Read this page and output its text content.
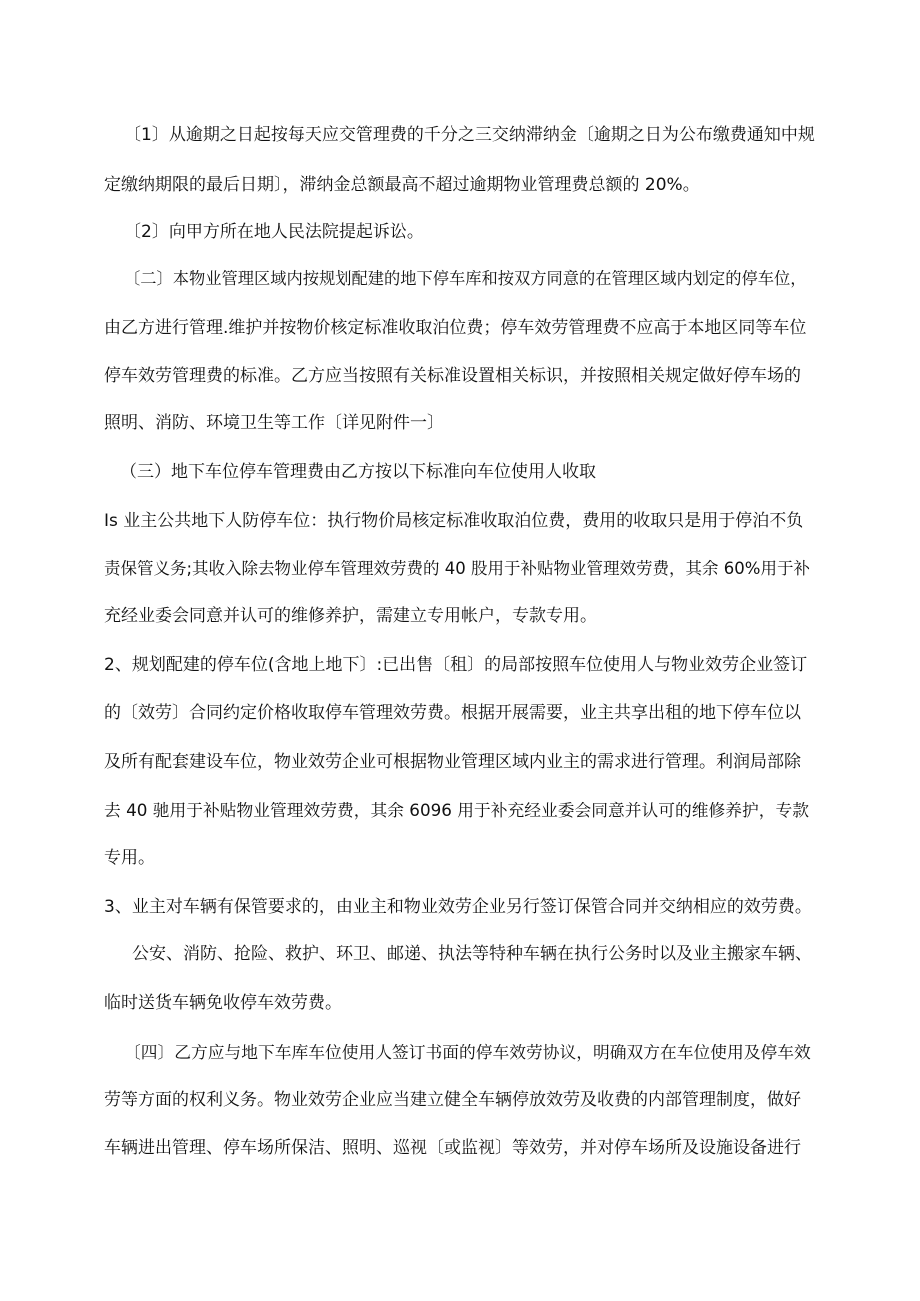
〔1〕从逾期之日起按每天应交管理费的千分之三交纳滞纳金〔逾期之日为公布缴费通知中规
定缴纳期限的最后日期〕，滞纳金总额最高不超过逾期物业管理费总额的 20%。
〔2〕向甲方所在地人民法院提起诉讼。
〔二〕本物业管理区域内按规划配建的地下停车库和按双方同意的在管理区域内划定的停车位，
由乙方进行管理.维护并按物价核定标准收取泊位费；停车效劳管理费不应高于本地区同等车位
停车效劳管理费的标准。乙方应当按照有关标准设置相关标识，并按照相关规定做好停车场的
照明、消防、环境卫生等工作〔详见附件一〕
（三）地下车位停车管理费由乙方按以下标准向车位使用人收取
Is 业主公共地下人防停车位：执行物价局核定标准收取泊位费，费用的收取只是用于停泊不负
责保管义务;其收入除去物业停车管理效劳费的 40 股用于补贴物业管理效劳费，其余 60%用于补
充经业委会同意并认可的维修养护，需建立专用帐户，专款专用。
2、规划配建的停车位(含地上地下〕:已出售〔租〕的局部按照车位使用人与物业效劳企业签订
的〔效劳〕合同约定价格收取停车管理效劳费。根据开展需要，业主共享出租的地下停车位以
及所有配套建设车位，物业效劳企业可根据物业管理区域内业主的需求进行管理。利润局部除
去 40 驰用于补贴物业管理效劳费，其余 6096 用于补充经业委会同意并认可的维修养护，专款
专用。
3、业主对车辆有保管要求的，由业主和物业效劳企业另行签订保管合同并交纳相应的效劳费。
公安、消防、抢险、救护、环卫、邮递、执法等特种车辆在执行公务时以及业主搬家车辆、
临时送货车辆免收停车效劳费。
〔四〕乙方应与地下车库车位使用人签订书面的停车效劳协议，明确双方在车位使用及停车效
劳等方面的权利义务。物业效劳企业应当建立健全车辆停放效劳及收费的内部管理制度，做好
车辆进出管理、停车场所保洁、照明、巡视〔或监视〕等效劳，并对停车场所及设施设备进行
